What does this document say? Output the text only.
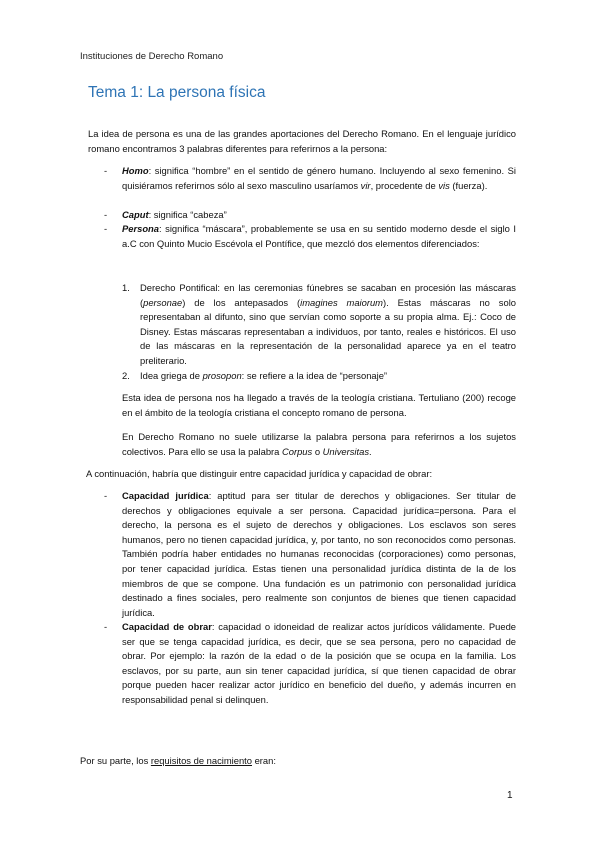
Instituciones de Derecho Romano
Tema 1: La persona física

La idea de persona es una de las grandes aportaciones del Derecho Romano. En el lenguaje jurídico romano encontramos 3 palabras diferentes para referirnos a la persona:

- Homo: significa “hombre” en el sentido de género humano. Incluyendo al sexo femenino. Si quisiéramos referirnos sólo al sexo masculino usaríamos vir, procedente de vis (fuerza).

- Caput: significa “cabeza”

- Persona: significa “máscara”, probablemente se usa en su sentido moderno desde el siglo I a.C con Quinto Mucio Escévola el Pontífice, que mezcló dos elementos diferenciados:

1. Derecho Pontifical: en las ceremonias fúnebres se sacaban en procesión las máscaras (personae) de los antepasados (imagines maiorum). Estas máscaras no solo representaban al difunto, sino que servían como soporte a su propia alma. Ej.: Coco de Disney. Estas máscaras representaban a individuos, por tanto, reales e históricos. El uso de las máscaras en la representación de la personalidad aparece ya en el teatro preliterario.

2. Idea griega de prosopon: se refiere a la idea de “personaje”

Esta idea de persona nos ha llegado a través de la teología cristiana. Tertuliano (200) recoge en el ámbito de la teología cristiana el concepto romano de persona.

En Derecho Romano no suele utilizarse la palabra persona para referirnos a los sujetos colectivos. Para ello se usa la palabra Corpus o Universitas.

A continuación, habría que distinguir entre capacidad jurídica y capacidad de obrar:

- Capacidad jurídica: aptitud para ser titular de derechos y obligaciones. Ser titular de derechos y obligaciones equivale a ser persona. Capacidad jurídica=persona. Para el derecho, la persona es el sujeto de derechos y obligaciones. Los esclavos son seres humanos, pero no tienen capacidad jurídica, y, por tanto, no son reconocidos como personas. También podría haber entidades no humanas reconocidas (corporaciones) como personas, por tener capacidad jurídica. Estas tienen una personalidad jurídica distinta de la de los miembros de que se compone. Una fundación es un patrimonio con personalidad jurídica destinado a fines sociales, pero realmente son conjuntos de bienes que tienen capacidad jurídica.

- Capacidad de obrar: capacidad o idoneidad de realizar actos jurídicos válidamente. Puede ser que se tenga capacidad jurídica, es decir, que se sea persona, pero no capacidad de obrar. Por ejemplo: la razón de la edad o de la posición que se ocupa en la familia. Los esclavos, por su parte, aun sin tener capacidad jurídica, sí que tienen capacidad de obrar porque pueden hacer realizar actor jurídico en beneficio del dueño, y además incurren en responsabilidad penal si delinquen.

Por su parte, los requisitos de nacimiento eran:

1
